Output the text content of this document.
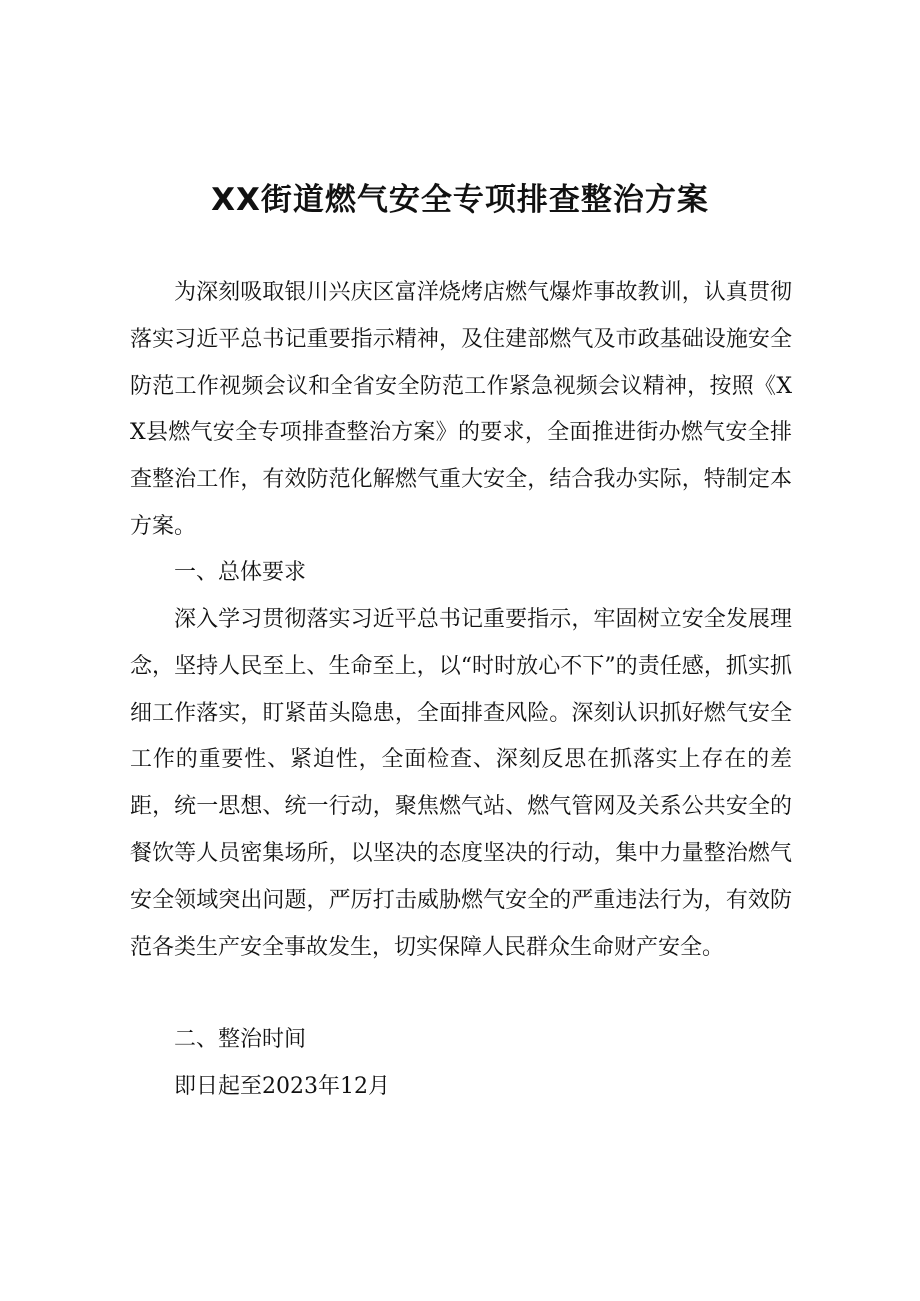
XX街道燃气安全专项排查整治方案

为深刻吸取银川兴庆区富洋烧烤店燃气爆炸事故教训，认真贯彻落实习近平总书记重要指示精神，及住建部燃气及市政基础设施安全防范工作视频会议和全省安全防范工作紧急视频会议精神，按照《XX县燃气安全专项排查整治方案》的要求，全面推进街办燃气安全排查整治工作，有效防范化解燃气重大安全，结合我办实际，特制定本方案。

一、总体要求

深入学习贯彻落实习近平总书记重要指示，牢固树立安全发展理念，坚持人民至上、生命至上，以“时时放心不下”的责任感，抓实抓细工作落实，盯紧苗头隐患，全面排查风险。深刻认识抓好燃气安全工作的重要性、紧迫性，全面检查、深刻反思在抓落实上存在的差距，统一思想、统一行动，聚焦燃气站、燃气管网及关系公共安全的餐饮等人员密集场所，以坚决的态度坚决的行动，集中力量整治燃气安全领域突出问题，严厉打击威胁燃气安全的严重违法行为，有效防范各类生产安全事故发生，切实保障人民群众生命财产安全。

二、整治时间

即日起至2023年12月
